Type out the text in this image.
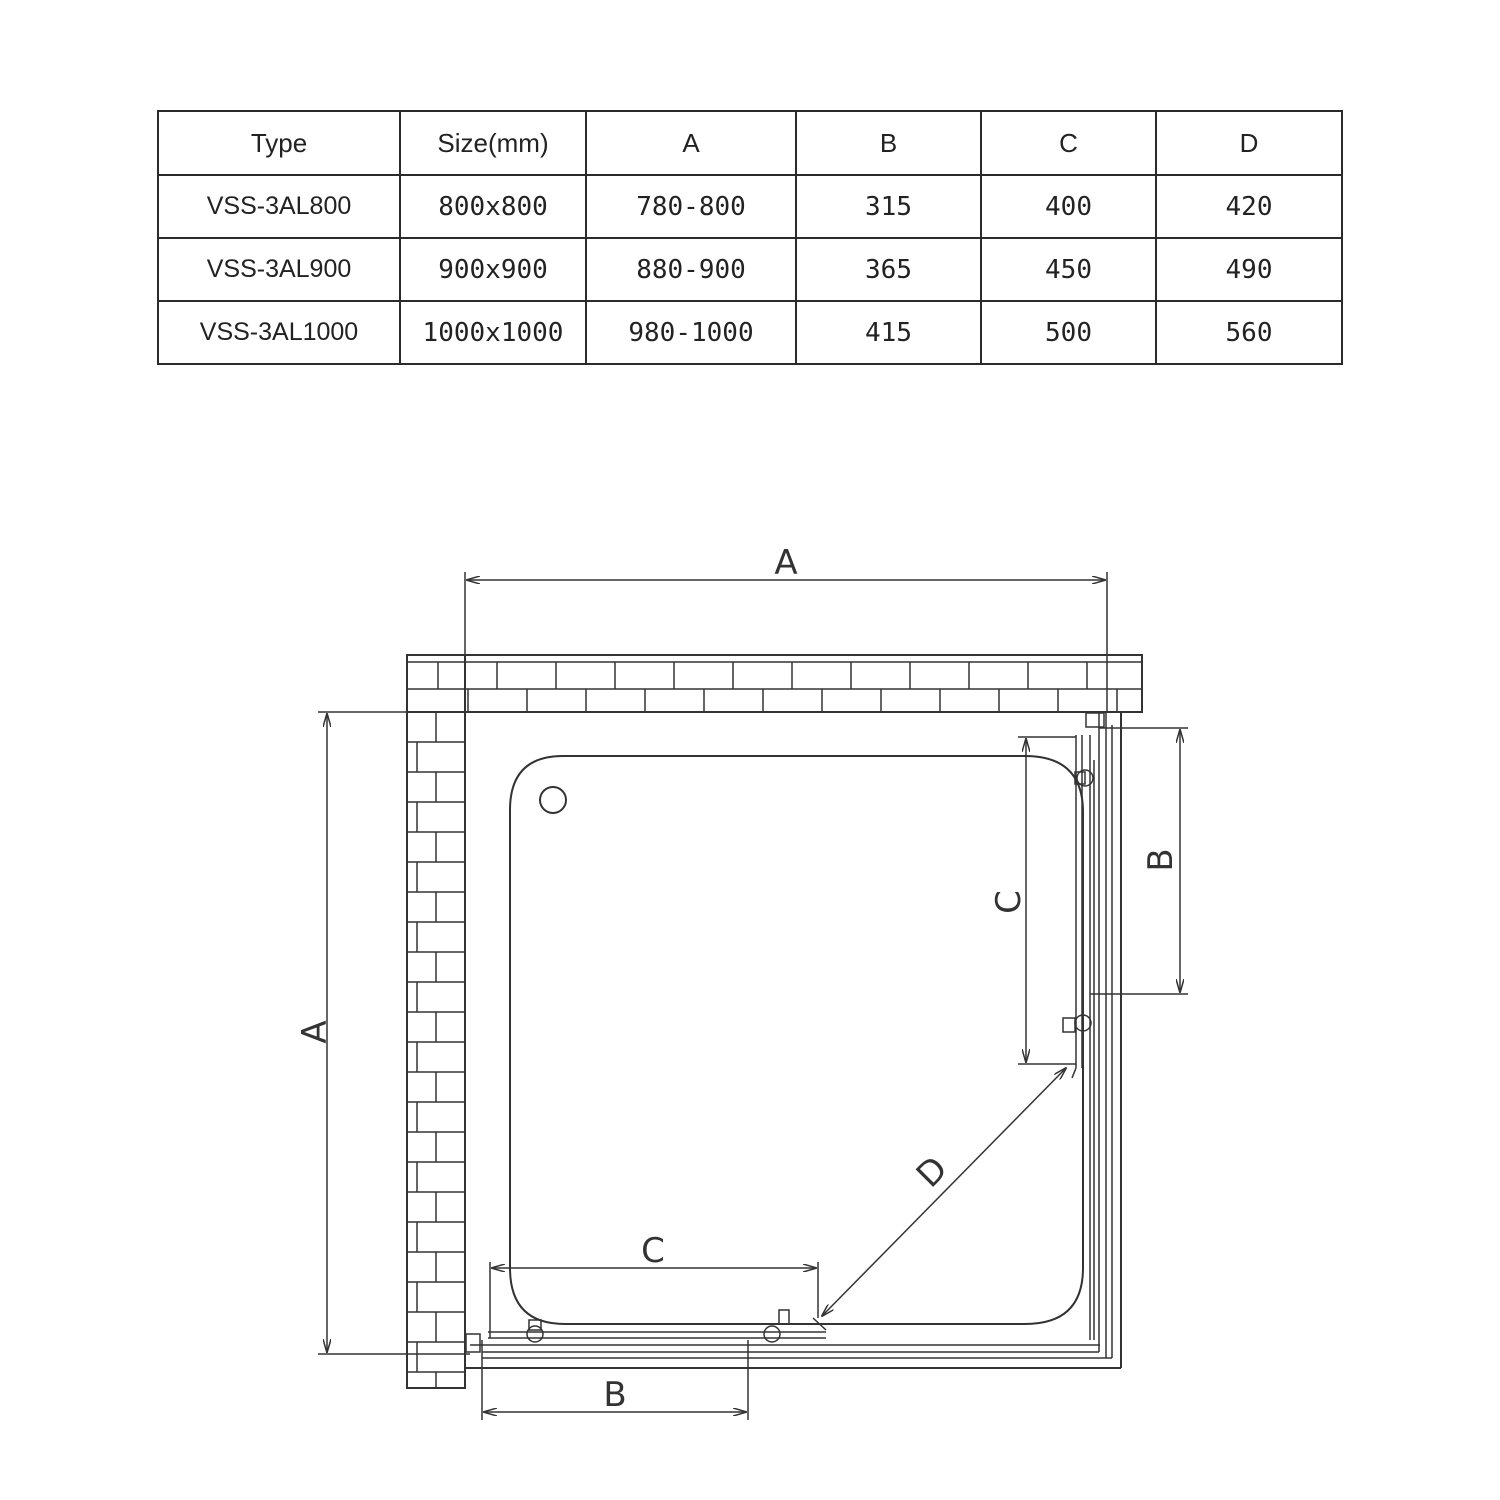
Type	Size(mm)	A	B	C	D
VSS-3AL800	800x800	780-800	315	400	420
VSS-3AL900	900x900	880-900	365	450	490
VSS-3AL1000	1000x1000	980-1000	415	500	560
A
A
B
C
C
B
D
